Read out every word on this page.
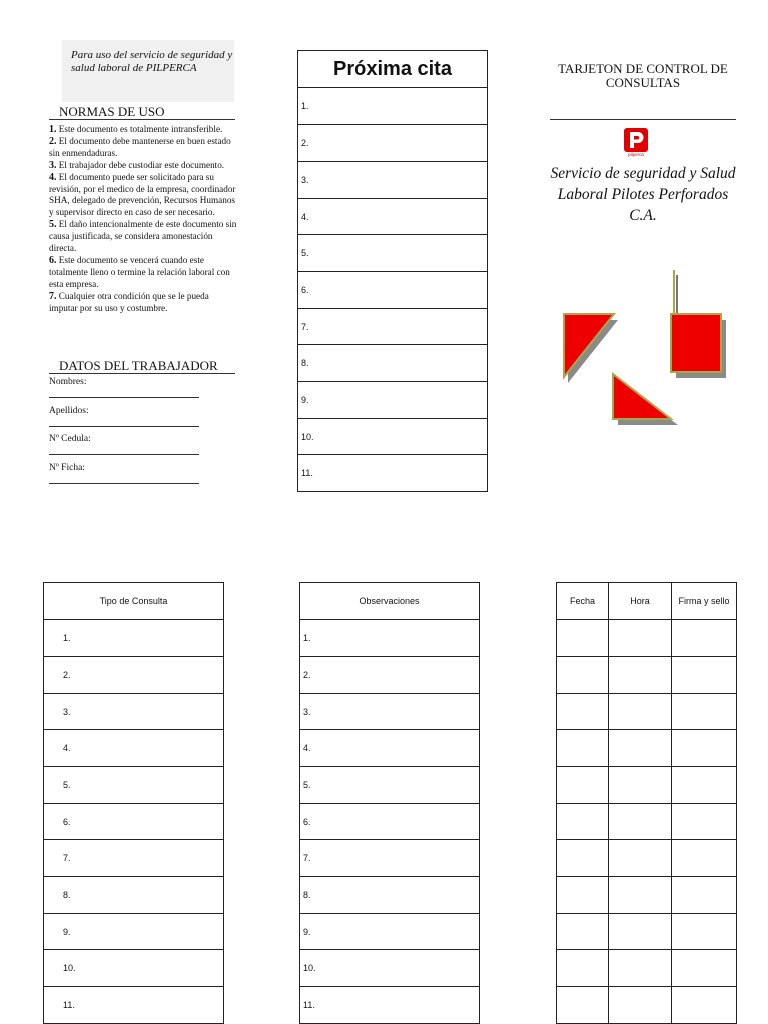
Para uso del servicio de seguridad y salud laboral de PILPERCA
NORMAS DE USO

1. Este documento es totalmente intransferible.

2. El documento debe mantenerse en buen estado sin enmendaduras.

3. El trabajador debe custodiar este documento.

4. El documento puede ser solicitado para su revisión, por el medico de la empresa, coordinador SHA, delegado de prevención, Recursos Humanos y supervisor directo en caso de ser necesario.

5. El daño intencionalmente de este documento sin causa justificada, se considera amonestación directa.

6. Este documento se vencerá cuando este totalmente lleno o termine la relación laboral con esta empresa.

7. Cualquier otra condición que se le pueda imputar por su uso y costumbre.

DATOS DEL TRABAJADOR
Nombres:
Apellidos:
Nº Cedula:
Nº Ficha:
Próxima cita
1.
2.
3.
4.
5.
6.
7.
8.
9.
10.
11.
TARJETON DE CONTROL DE CONSULTAS
pilperca
Servicio de seguridad y Salud Laboral Pilotes Perforados C.A.
Tipo de Consulta
1.
2.
3.
4.
5.
6.
7.
8.
9.
10.
11.
Observaciones
1.
2.
3.
4.
5.
6.
7.
8.
9.
10.
11.
Fecha	Hora	Firma y sello
